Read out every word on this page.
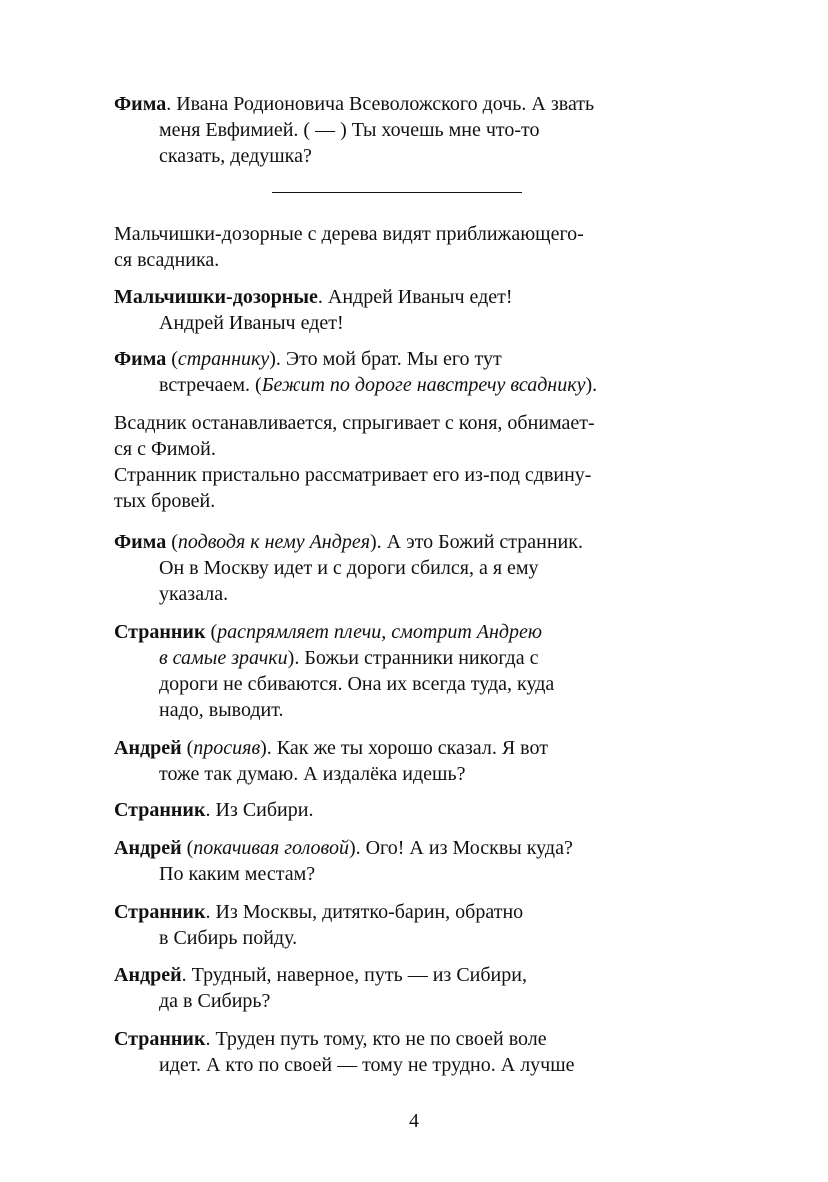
Фима. Ивана Родионовича Всеволожского дочь. А звать
меня Евфимией. ( — ) Ты хочешь мне что-то
сказать, дедушка?
Мальчишки-дозорные с дерева видят приближающего-
ся всадника.
Мальчишки-дозорные. Андрей Иваныч едет!
Андрей Иваныч едет!
Фима (страннику). Это мой брат. Мы его тут
встречаем. (Бежит по дороге навстречу всаднику).
Всадник останавливается, спрыгивает с коня, обнимает-
ся с Фимой.
Странник пристально рассматривает его из-под сдвину-
тых бровей.
Фима (подводя к нему Андрея). А это Божий странник.
Он в Москву идет и с дороги сбился, а я ему
указала.
Странник (распрямляет плечи, смотрит Андрею
в самые зрачки). Божьи странники никогда с
дороги не сбиваются. Она их всегда туда, куда
надо, выводит.
Андрей (просияв). Как же ты хорошо сказал. Я вот
тоже так думаю. А издалёка идешь?
Странник. Из Сибири.
Андрей (покачивая головой). Ого! А из Москвы куда?
По каким местам?
Странник. Из Москвы, дитятко-барин, обратно
в Сибирь пойду.
Андрей. Трудный, наверное, путь — из Сибири,
да в Сибирь?
Странник. Труден путь тому, кто не по своей воле
идет. А кто по своей — тому не трудно. А лучше
4
